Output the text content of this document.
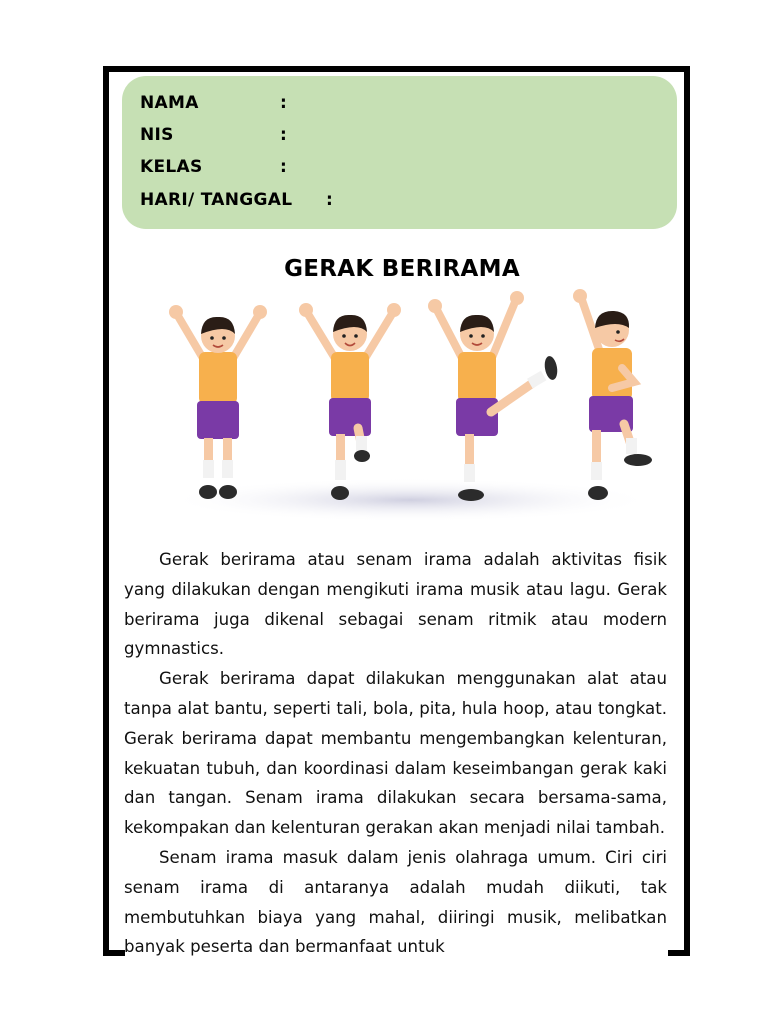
NAMA	:
NIS	:
KELAS	:
HARI/ TANGGAL :
GERAK BERIRAMA

Gerak berirama atau senam irama adalah aktivitas fisik yang dilakukan dengan mengikuti irama musik atau lagu. Gerak berirama juga dikenal sebagai senam ritmik atau modern gymnastics.

Gerak berirama dapat dilakukan menggunakan alat atau tanpa alat bantu, seperti tali, bola, pita, hula hoop, atau tongkat. Gerak berirama dapat membantu mengembangkan kelenturan, kekuatan tubuh, dan koordinasi dalam keseimbangan gerak kaki dan tangan. Senam irama dilakukan secara bersama-sama, kekompakan dan kelenturan gerakan akan menjadi nilai tambah.

Senam irama masuk dalam jenis olahraga umum. Ciri ciri senam irama di antaranya adalah mudah diikuti, tak membutuhkan biaya yang mahal, diiringi musik, melibatkan banyak peserta dan bermanfaat untuk
